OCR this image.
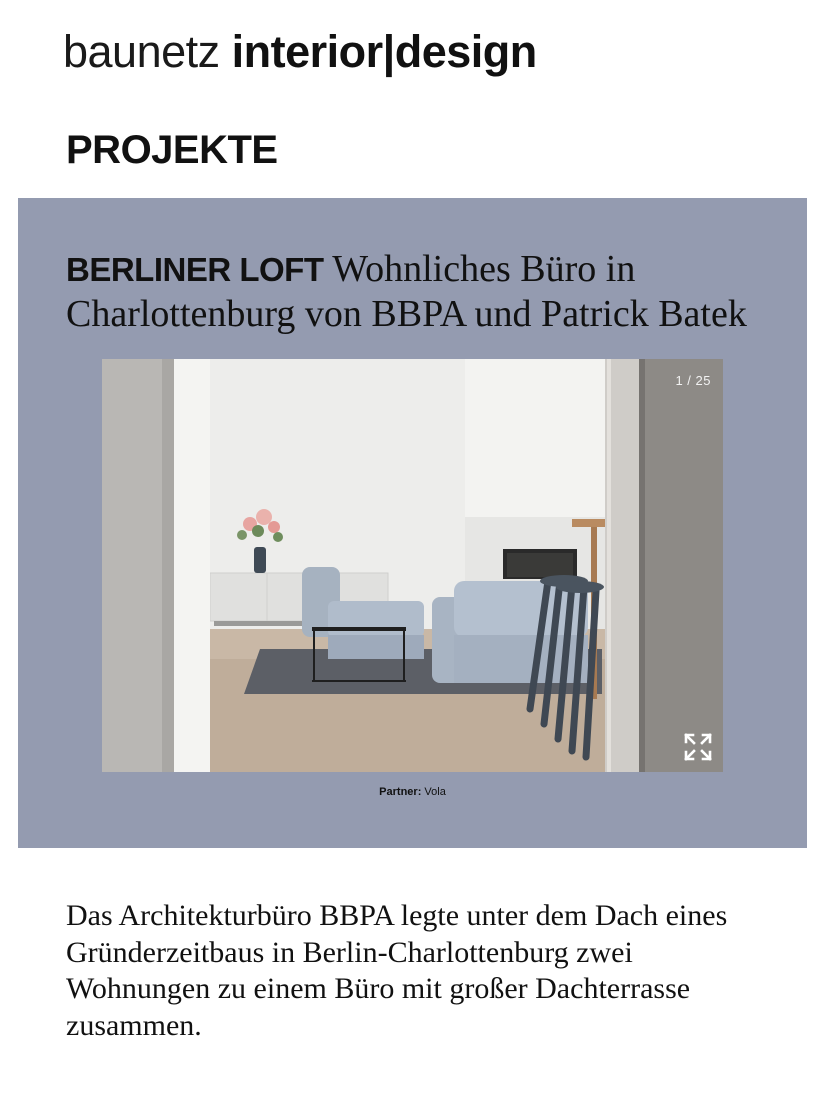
baunetz interior|design
PROJEKTE
BERLINER LOFT Wohnliches Büro in Charlottenburg von BBPA und Patrick Batek
1 / 25
Partner: Vola
Das Architekturbüro BBPA legte unter dem Dach eines Gründerzeitbaus in Berlin-Charlottenburg zwei Wohnungen zu einem Büro mit großer Dachterrasse zusammen.
